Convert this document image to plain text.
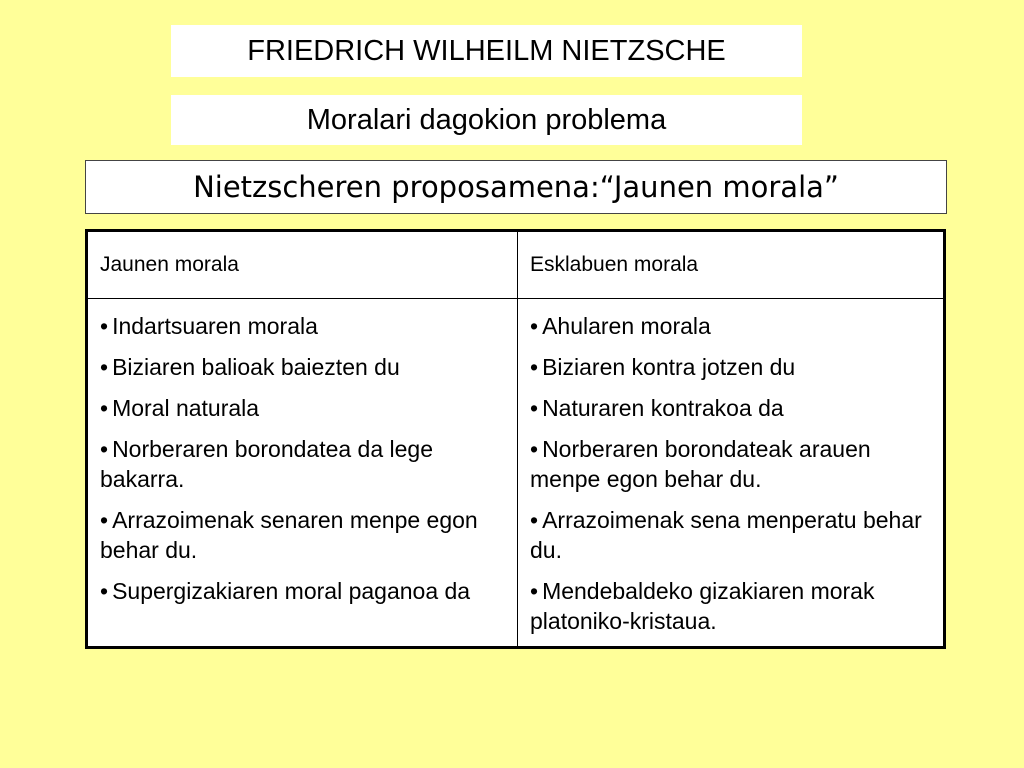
FRIEDRICH WILHEILM NIETZSCHE
Moralari dagokion problema
Nietzscheren proposamena:“Jaunen morala”
Jaunen morala	Esklabuen morala
• Indartsuaren morala
• Biziaren balioak baiezten du
• Moral naturala
• Norberaren borondatea da lege bakarra.
• Arrazoimenak senaren menpe egon behar du.
• Supergizakiaren moral paganoa da
• Ahularen morala
• Biziaren kontra jotzen du
• Naturaren kontrakoa da
• Norberaren borondateak arauen menpe egon behar du.
• Arrazoimenak sena menperatu behar du.
• Mendebaldeko gizakiaren morak platoniko-kristaua.
